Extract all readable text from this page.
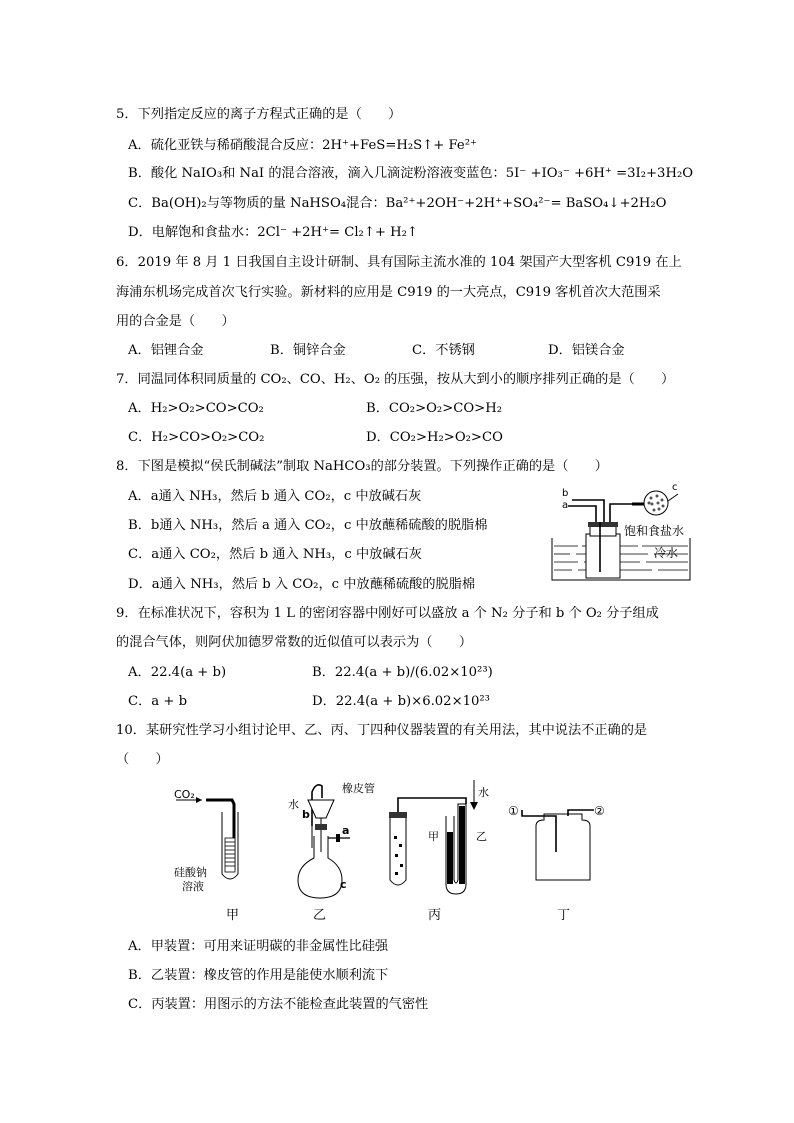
5．下列指定反应的离子方程式正确的是（　　）
A．硫化亚铁与稀硝酸混合反应：2H⁺+FeS=H₂S↑+ Fe²⁺
B．酸化 NaIO₃和 NaI 的混合溶液，滴入几滴淀粉溶液变蓝色：5I⁻ +IO₃⁻ +6H⁺ =3I₂+3H₂O
C．Ba(OH)₂与等物质的量 NaHSO₄混合：Ba²⁺+2OH⁻+2H⁺+SO₄²⁻= BaSO₄↓+2H₂O
D．电解饱和食盐水：2Cl⁻ +2H⁺= Cl₂↑+ H₂↑
6．2019 年 8 月 1 日我国自主设计研制、具有国际主流水准的 104 架国产大型客机 C919 在上
海浦东机场完成首次飞行实验。新材料的应用是 C919 的一大亮点，C919 客机首次大范围采
用的合金是（　　）
A．铝锂合金	B．铜锌合金	C．不锈钢	D．铝镁合金
7．同温同体积同质量的 CO₂、CO、H₂、O₂ 的压强，按从大到小的顺序排列正确的是（　　）
A．H₂>O₂>CO>CO₂	B．CO₂>O₂>CO>H₂
C．H₂>CO>O₂>CO₂	D．CO₂>H₂>O₂>CO
8．下图是模拟“侯氏制碱法”制取 NaHCO₃的部分装置。下列操作正确的是（　　）
A．a通入 NH₃，然后 b 通入 CO₂，c 中放碱石灰
B．b通入 NH₃，然后 a 通入 CO₂，c 中放蘸稀硫酸的脱脂棉
C．a通入 CO₂，然后 b 通入 NH₃，c 中放碱石灰
D．a通入 NH₃，然后 b 入 CO₂，c 中放蘸稀硫酸的脱脂棉
b
a
c
饱和食盐水
冷水
9．在标准状况下，容积为 1 L 的密闭容器中刚好可以盛放 a 个 N₂ 分子和 b 个 O₂ 分子组成
的混合气体，则阿伏加德罗常数的近似值可以表示为（　　）
A．22.4(a + b)	B．22.4(a + b)/(6.02×10²³)
C．a + b	D．22.4(a + b)×6.02×10²³
10．某研究性学习小组讨论甲、乙、丙、丁四种仪器装置的有关用法，其中说法不正确的是
（　　）
CO₂
硅酸钠
溶液
橡皮管
水
b
a
c
水
甲	乙
①	②
甲	乙	丙	丁
A．甲装置：可用来证明碳的非金属性比硅强
B．乙装置：橡皮管的作用是能使水顺利流下
C．丙装置：用图示的方法不能检查此装置的气密性
